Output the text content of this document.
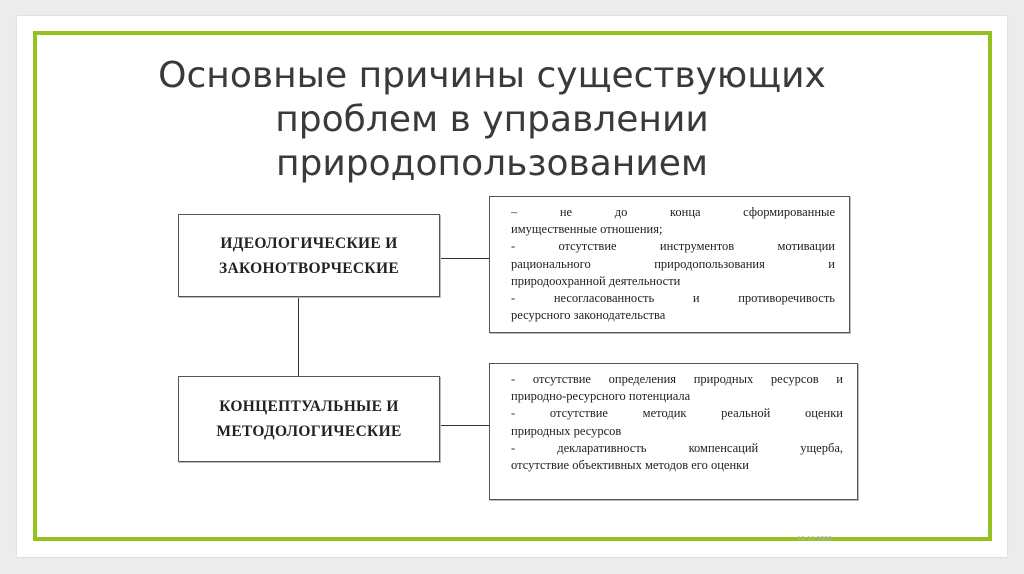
Основные причины существующих
проблем в управлении
природопользованием
ИДЕОЛОГИЧЕСКИЕ И
ЗАКОНОТВОРЧЕСКИЕ
– не до конца сформированные
имущественные отношения;
- отсутствие инструментов мотивации
рационального природопользования и
природоохранной деятельности
- несогласованность и противоречивость
ресурсного законодательства
КОНЦЕПТУАЛЬНЫЕ И
МЕТОДОЛОГИЧЕСКИЕ
- отсутствие определения природных ресурсов и
природно-ресурсного потенциала
- отсутствие методик реальной оценки
природных ресурсов
- декларативность компенсаций ущерба,
отсутствие объективных методов его оценки
10.10.2020
